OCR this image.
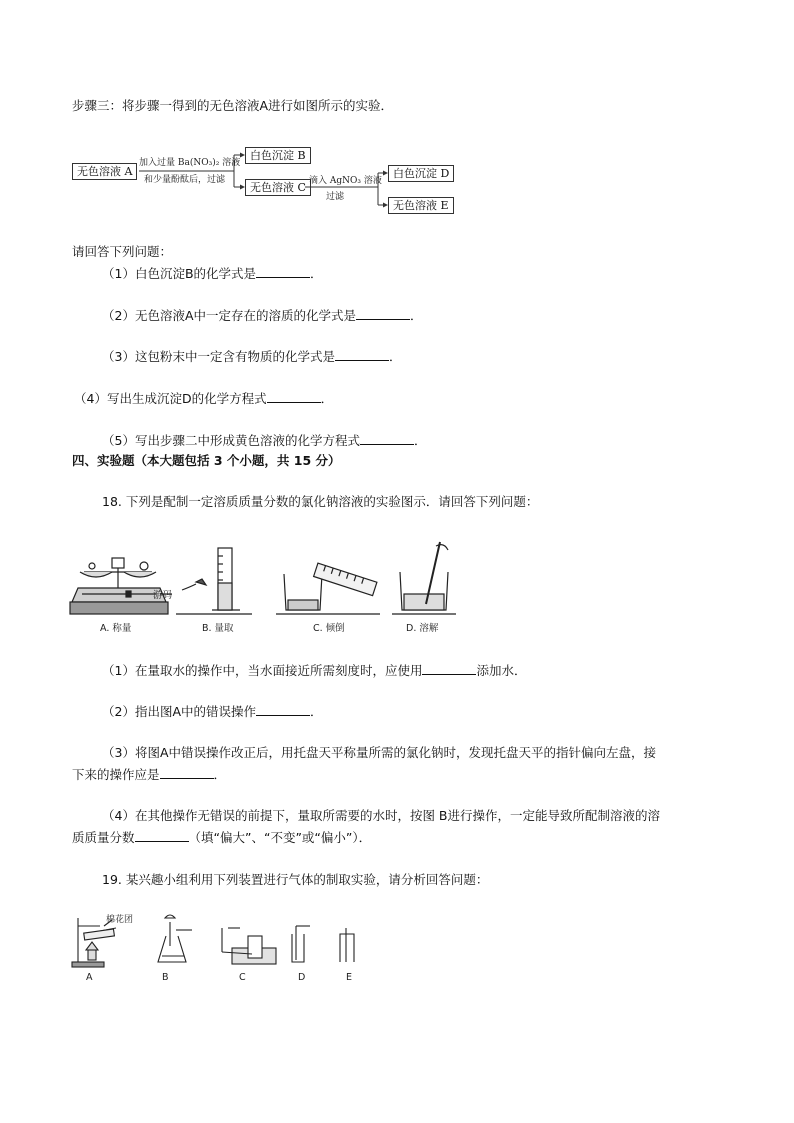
步骤三：将步骤一得到的无色溶液A进行如图所示的实验．
无色溶液 A
加入过量 Ba(NO₃)₂ 溶液
和少量酚酞后，过滤
白色沉淀 B
无色溶液 C 滴入 AgNO₃ 溶液
过滤
白色沉淀 D
无色溶液 E
请回答下列问题：
（1）白色沉淀B的化学式是	．
（2）无色溶液A中一定存在的溶质的化学式是	．
（3）这包粉末中一定含有物质的化学式是	．
（4）写出生成沉淀D的化学方程式	．
（5）写出步骤二中形成黄色溶液的化学方程式	．
四、实验题（本大题包括 3 个小题，共 15 分）
18. 下列是配制一定溶质质量分数的氯化钠溶液的实验图示．请回答下列问题：
游码
A. 称量	B. 量取	C. 倾倒	D. 溶解
（1）在量取水的操作中，当水面接近所需刻度时，应使用	添加水．
（2）指出图A中的错误操作	．
（3）将图A中错误操作改正后，用托盘天平称量所需的氯化钠时，发现托盘天平的指针偏向左盘，接
下来的操作应是	．
（4）在其他操作无错误的前提下，量取所需要的水时，按图 B进行操作，一定能导致所配制溶液的溶
质质量分数	（填“偏大”、“不变”或“偏小”）．
19. 某兴趣小组利用下列装置进行气体的制取实验，请分析回答问题：
棉花团
A	B	C	D	E
